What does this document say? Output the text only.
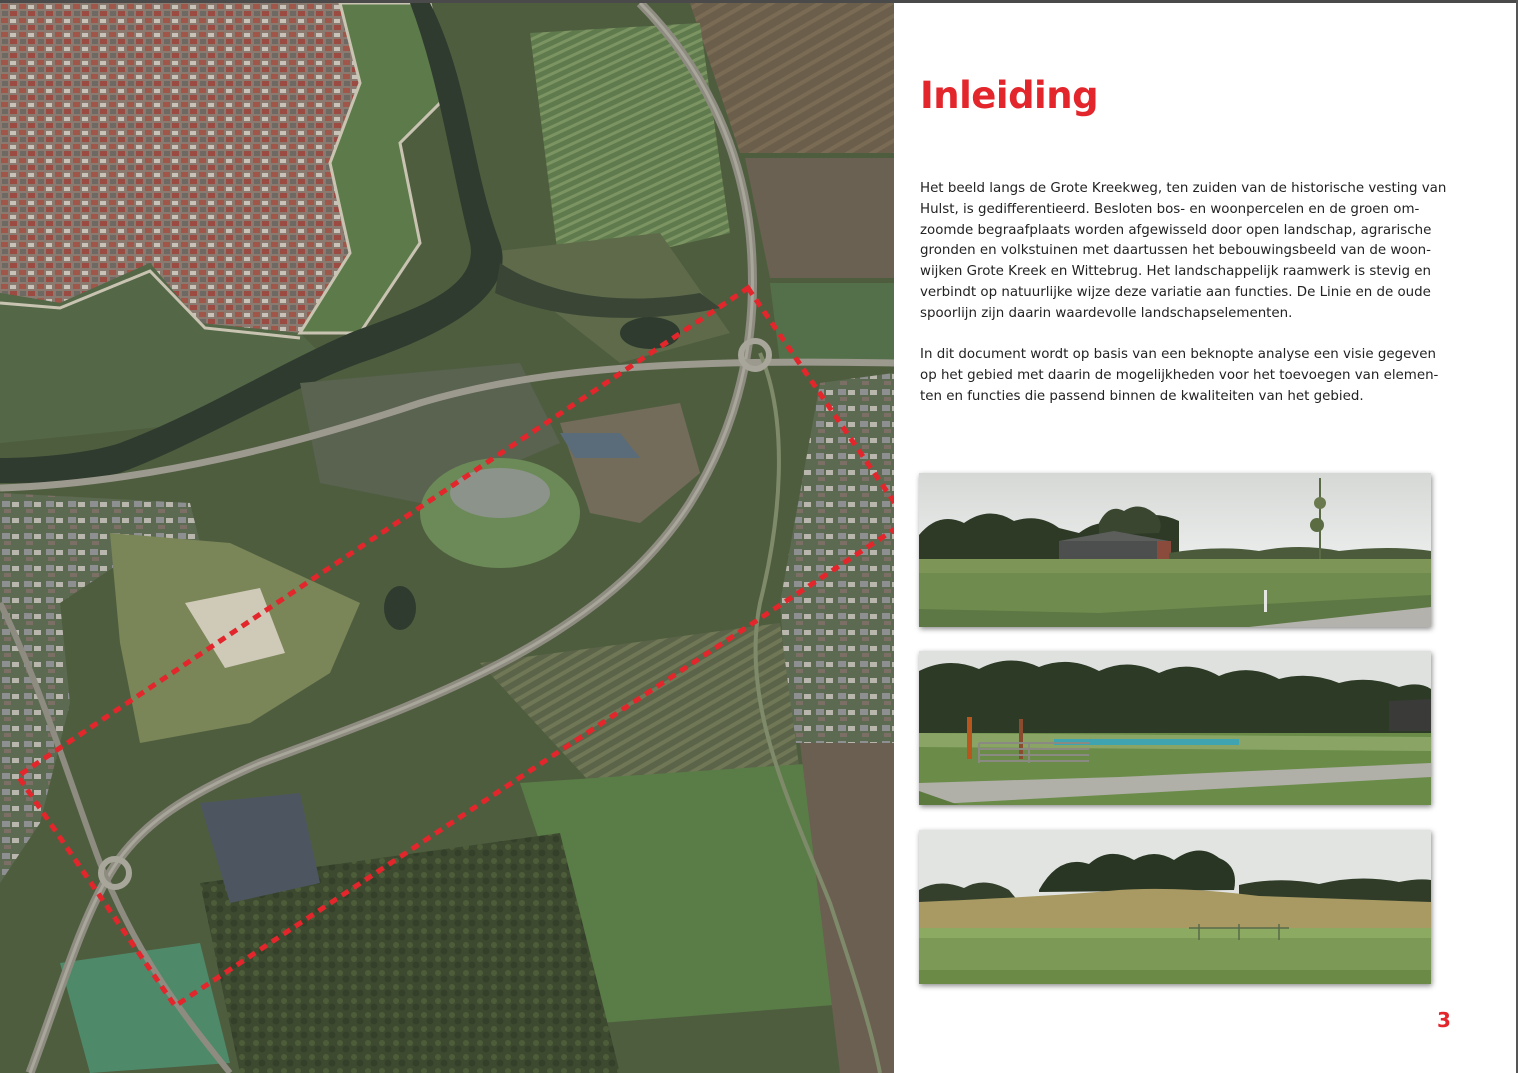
Inleiding

Het beeld langs de Grote Kreekweg, ten zuiden van de historische vesting van
Hulst, is gedifferentieerd. Besloten bos- en woonpercelen en de groen om-
zoomde begraafplaats worden afgewisseld door open landschap, agrarische
gronden en volkstuinen met daartussen het bebouwingsbeeld van de woon-
wijken Grote Kreek en Wittebrug. Het landschappelijk raamwerk is stevig en
verbindt op natuurlijke wijze deze variatie aan functies. De Linie en de oude
spoorlijn zijn daarin waardevolle landschapselementen.

In dit document wordt op basis van een beknopte analyse een visie gegeven
op het gebied met daarin de mogelijkheden voor het toevoegen van elemen-
ten en functies die passend binnen de kwaliteiten van het gebied.

3
